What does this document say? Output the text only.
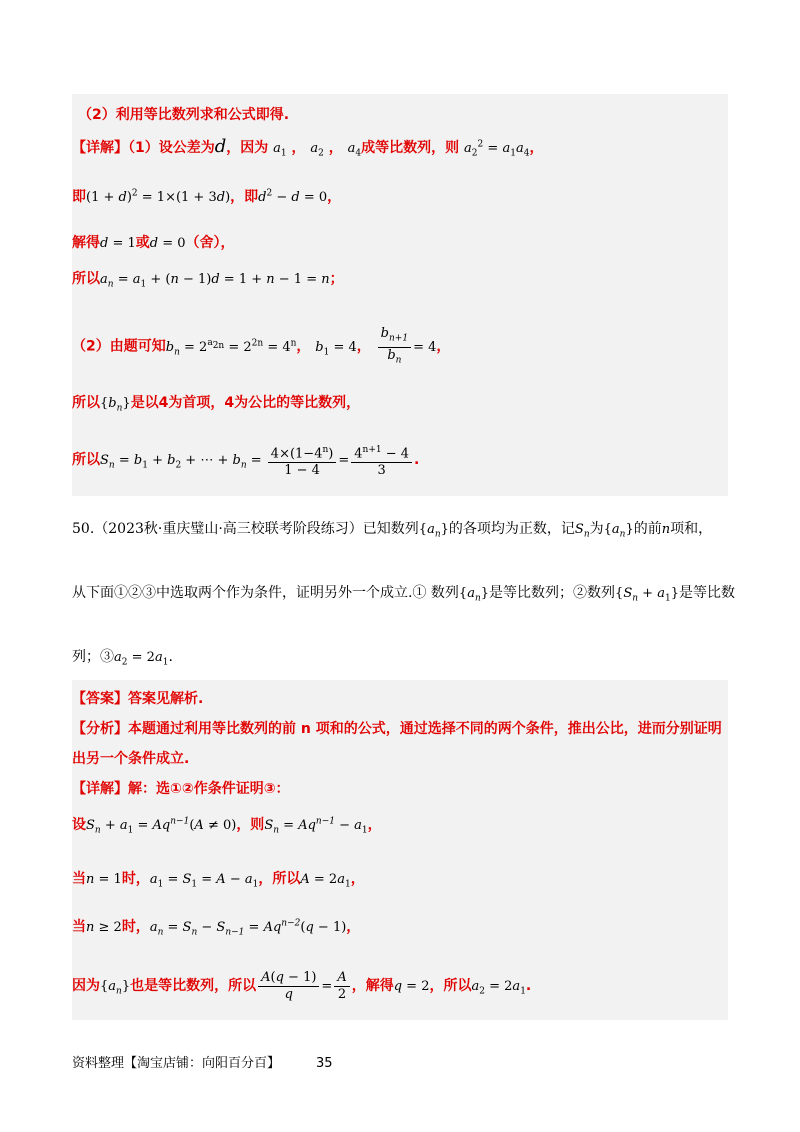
（2）利用等比数列求和公式即得.
【详解】（1）设公差为d，因为 $a_1$ ， $a_2$ ， $a_4$成等比数列，则 $a_2^2 = a_1a_4$，
即$(1 + d)^2 = 1\times(1 + 3d)$，即$d^2 - d = 0$，
解得d = 1或d = 0（舍），
所以$a_n = a_1 + (n - 1)d = 1 + n - 1 = n$；
（2）由题可知$b_n = 2^{a_{2n}} = 2^{2n} = 4^n$， $b_1 = 4$， $\frac{b_{n+1}}{b_n} = 4$，
所以$\{b_n\}$是以4为首项，4为公比的等比数列，
所以$S_n = b_1 + b_2$ + ⋯ + $b_n = \frac{4\times(1-4^n)}{1 - 4} = \frac{4^{n+1} - 4}{3}$ .
50.（2023秋·重庆璧山·高三校联考阶段练习）已知数列$\{a_n\}$的各项均为正数，记$S_n$为$\{a_n\}$的前n项和，
从下面①②③中选取两个作为条件，证明另外一个成立.① 数列$\{a_n\}$是等比数列；②数列$\{S_n + a_1\}$是等比数
列；$③a_2 = 2a_1$.
【答案】答案见解析.
【分析】本题通过利用等比数列的前 n 项和的公式，通过选择不同的两个条件，推出公比，进而分别证明
出另一个条件成立.
【详解】解：选①②作条件证明③：
设$S_n + a_1 = Aq^{n-1}(A \ne 0)$，则$S_n = Aq^{n-1} - a_1$，
当n = 1时，$a_1 = S_1 = A - a_1$，所以$A = 2a_1$，
当n ≥ 2时，$a_n = S_n - S_{n-1} = Aq^{n-2}(q - 1)$，
因为$\{a_n\}$也是等比数列，所以 $\frac{A(q - 1)}{q} = \frac{A}{2}$ ，解得q = 2，所以$a_2 = 2a_1$.
资料整理【淘宝店铺：向阳百分百】	35
